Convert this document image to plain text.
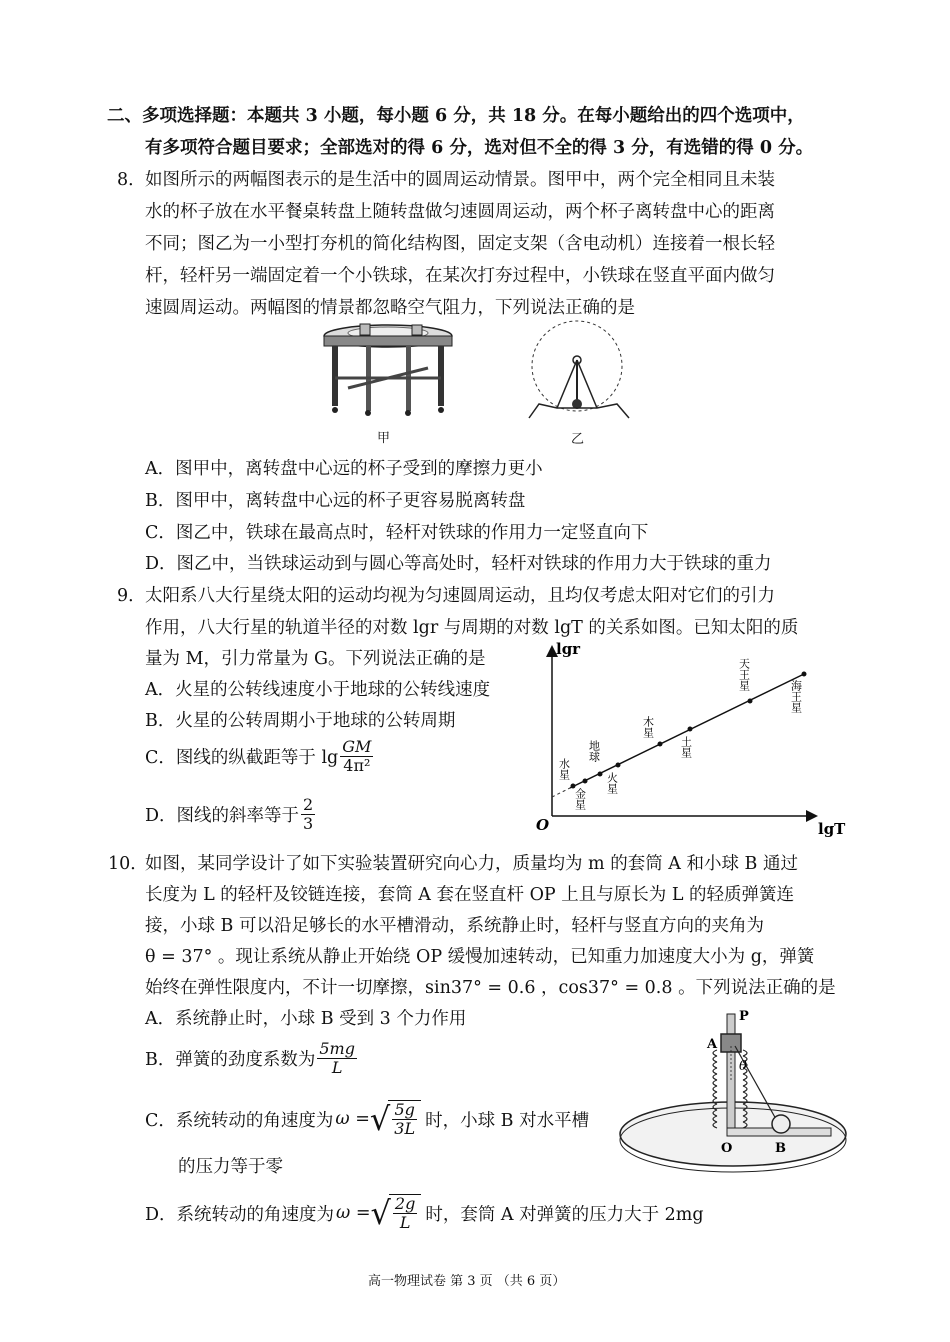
二、多项选择题：本题共 3 小题，每小题 6 分，共 18 分。在每小题给出的四个选项中，
有多项符合题目要求；全部选对的得 6 分，选对但不全的得 3 分，有选错的得 0 分。
8． 如图所示的两幅图表示的是生活中的圆周运动情景。图甲中，两个完全相同且未装
水的杯子放在水平餐桌转盘上随转盘做匀速圆周运动，两个杯子离转盘中心的距离
不同；图乙为一小型打夯机的简化结构图，固定支架（含电动机）连接着一根长轻
杆，轻杆另一端固定着一个小铁球，在某次打夯过程中，小铁球在竖直平面内做匀
速圆周运动。两幅图的情景都忽略空气阻力，下列说法正确的是
甲	乙
A．图甲中，离转盘中心远的杯子受到的摩擦力更小
B．图甲中，离转盘中心远的杯子更容易脱离转盘
C．图乙中，铁球在最高点时，轻杆对铁球的作用力一定竖直向下
D．图乙中，当铁球运动到与圆心等高处时，轻杆对铁球的作用力大于铁球的重力
9． 太阳系八大行星绕太阳的运动均视为匀速圆周运动，且均仅考虑太阳对它们的引力
作用，八大行星的轨道半径的对数 lgr 与周期的对数 lgT 的关系如图。已知太阳的质
量为 M，引力常量为 G。下列说法正确的是
A．火星的公转线速度小于地球的公转线速度
B．火星的公转周期小于地球的公转周期
C．图线的纵截距等于 $\lg \frac{GM}{\text{4π²}}$
D．图线的斜率等于 $\frac{2}{3}$
lgr
lgT
O
水星
金星
地球
火星
木星
土星
天王星
海王星
10．
如图，某同学设计了如下实验装置研究向心力，质量均为 m 的套筒 A 和小球 B 通过
长度为 L 的轻杆及铰链连接，套筒 A 套在竖直杆 OP 上且与原长为 L 的轻质弹簧连
接，小球 B 可以沿足够长的水平槽滑动，系统静止时，轻杆与竖直方向的夹角为
θ = 37° 。现让系统从静止开始绕 OP 缓慢加速转动，已知重力加速度大小为 g，弹簧
始终在弹性限度内，不计一切摩擦，sin37° = 0.6 ，cos37° = 0.8 。下列说法正确的是
A．系统静止时，小球 B 受到 3 个力作用
B．弹簧的劲度系数为 $\frac{5mg}{L}$
C．系统转动的角速度为 ω = √ $\frac{5g}{3L}$ 时，小球 B 对水平槽
的压力等于零
D．系统转动的角速度为 ω = √ $\frac{2g}{L}$ 时，套筒 A 对弹簧的压力大于 2mg
P
A
θ
O	B
高一物理试卷 第 3 页 （共 6 页）
